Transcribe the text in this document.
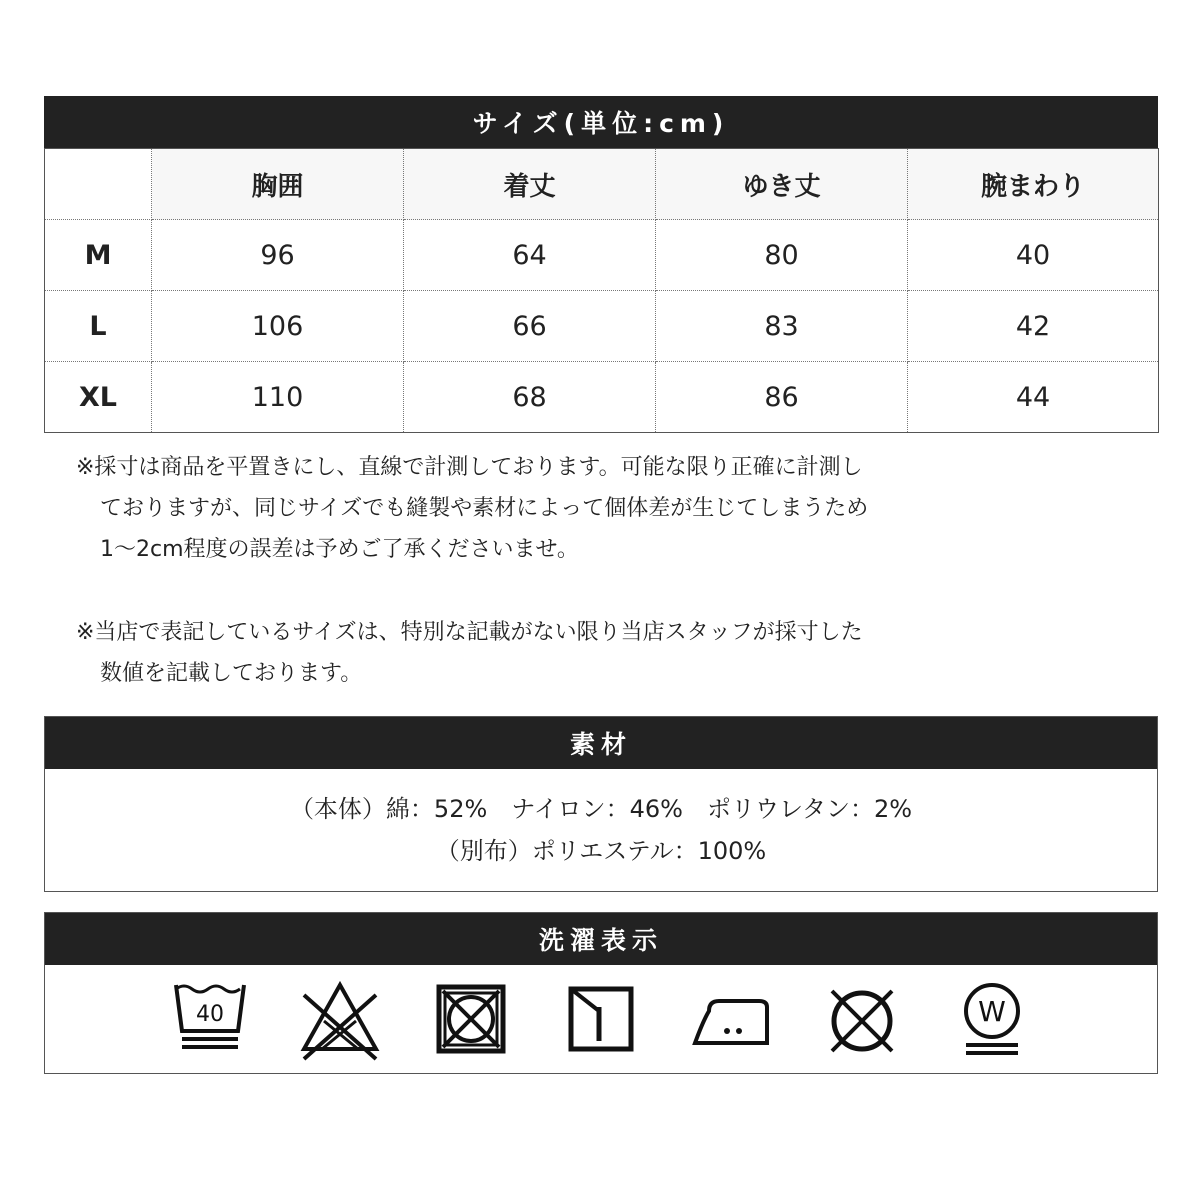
サイズ(単位:cm)
	胸囲	着丈	ゆき丈	腕まわり
M	96	64	80	40
L	106	66	83	42
XL	110	68	86	44

※採寸は商品を平置きにし、直線で計測しております。可能な限り正確に計測し

ておりますが、同じサイズでも縫製や素材によって個体差が生じてしまうため

1～2cm程度の誤差は予めご了承くださいませ。

※当店で表記しているサイズは、特別な記載がない限り当店スタッフが採寸した

数値を記載しております。

素材
（本体）綿：52%　ナイロン：46%　ポリウレタン：2%
（別布）ポリエステル：100%
洗濯表示
40	W
